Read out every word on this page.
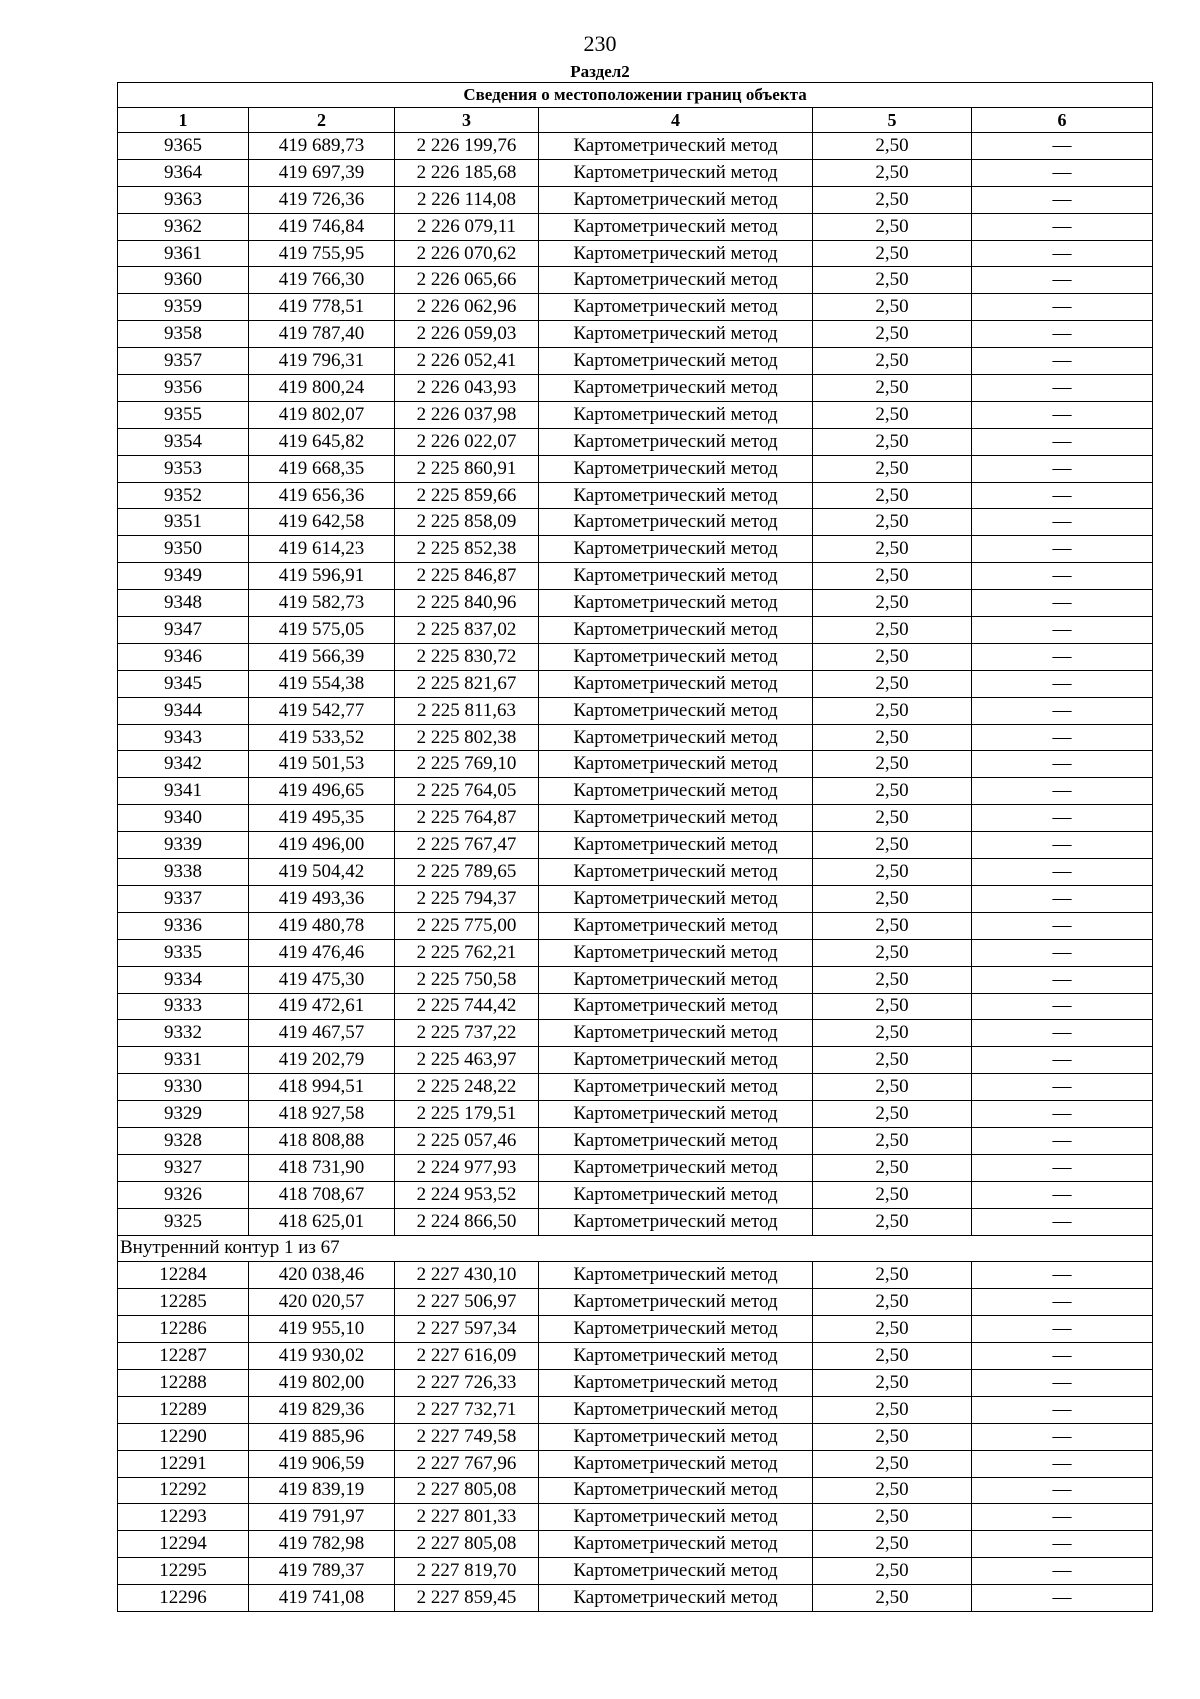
230
Раздел2
Сведения о местоположении границ объекта					
1	2	3	4	5	6
9365	419 689,73	2 226 199,76	Картометрический метод	2,50	—
9364	419 697,39	2 226 185,68	Картометрический метод	2,50	—
9363	419 726,36	2 226 114,08	Картометрический метод	2,50	—
9362	419 746,84	2 226 079,11	Картометрический метод	2,50	—
9361	419 755,95	2 226 070,62	Картометрический метод	2,50	—
9360	419 766,30	2 226 065,66	Картометрический метод	2,50	—
9359	419 778,51	2 226 062,96	Картометрический метод	2,50	—
9358	419 787,40	2 226 059,03	Картометрический метод	2,50	—
9357	419 796,31	2 226 052,41	Картометрический метод	2,50	—
9356	419 800,24	2 226 043,93	Картометрический метод	2,50	—
9355	419 802,07	2 226 037,98	Картометрический метод	2,50	—
9354	419 645,82	2 226 022,07	Картометрический метод	2,50	—
9353	419 668,35	2 225 860,91	Картометрический метод	2,50	—
9352	419 656,36	2 225 859,66	Картометрический метод	2,50	—
9351	419 642,58	2 225 858,09	Картометрический метод	2,50	—
9350	419 614,23	2 225 852,38	Картометрический метод	2,50	—
9349	419 596,91	2 225 846,87	Картометрический метод	2,50	—
9348	419 582,73	2 225 840,96	Картометрический метод	2,50	—
9347	419 575,05	2 225 837,02	Картометрический метод	2,50	—
9346	419 566,39	2 225 830,72	Картометрический метод	2,50	—
9345	419 554,38	2 225 821,67	Картометрический метод	2,50	—
9344	419 542,77	2 225 811,63	Картометрический метод	2,50	—
9343	419 533,52	2 225 802,38	Картометрический метод	2,50	—
9342	419 501,53	2 225 769,10	Картометрический метод	2,50	—
9341	419 496,65	2 225 764,05	Картометрический метод	2,50	—
9340	419 495,35	2 225 764,87	Картометрический метод	2,50	—
9339	419 496,00	2 225 767,47	Картометрический метод	2,50	—
9338	419 504,42	2 225 789,65	Картометрический метод	2,50	—
9337	419 493,36	2 225 794,37	Картометрический метод	2,50	—
9336	419 480,78	2 225 775,00	Картометрический метод	2,50	—
9335	419 476,46	2 225 762,21	Картометрический метод	2,50	—
9334	419 475,30	2 225 750,58	Картометрический метод	2,50	—
9333	419 472,61	2 225 744,42	Картометрический метод	2,50	—
9332	419 467,57	2 225 737,22	Картометрический метод	2,50	—
9331	419 202,79	2 225 463,97	Картометрический метод	2,50	—
9330	418 994,51	2 225 248,22	Картометрический метод	2,50	—
9329	418 927,58	2 225 179,51	Картометрический метод	2,50	—
9328	418 808,88	2 225 057,46	Картометрический метод	2,50	—
9327	418 731,90	2 224 977,93	Картометрический метод	2,50	—
9326	418 708,67	2 224 953,52	Картометрический метод	2,50	—
9325	418 625,01	2 224 866,50	Картометрический метод	2,50	—
Внутренний контур 1 из 67					
12284	420 038,46	2 227 430,10	Картометрический метод	2,50	—
12285	420 020,57	2 227 506,97	Картометрический метод	2,50	—
12286	419 955,10	2 227 597,34	Картометрический метод	2,50	—
12287	419 930,02	2 227 616,09	Картометрический метод	2,50	—
12288	419 802,00	2 227 726,33	Картометрический метод	2,50	—
12289	419 829,36	2 227 732,71	Картометрический метод	2,50	—
12290	419 885,96	2 227 749,58	Картометрический метод	2,50	—
12291	419 906,59	2 227 767,96	Картометрический метод	2,50	—
12292	419 839,19	2 227 805,08	Картометрический метод	2,50	—
12293	419 791,97	2 227 801,33	Картометрический метод	2,50	—
12294	419 782,98	2 227 805,08	Картометрический метод	2,50	—
12295	419 789,37	2 227 819,70	Картометрический метод	2,50	—
12296	419 741,08	2 227 859,45	Картометрический метод	2,50	—
